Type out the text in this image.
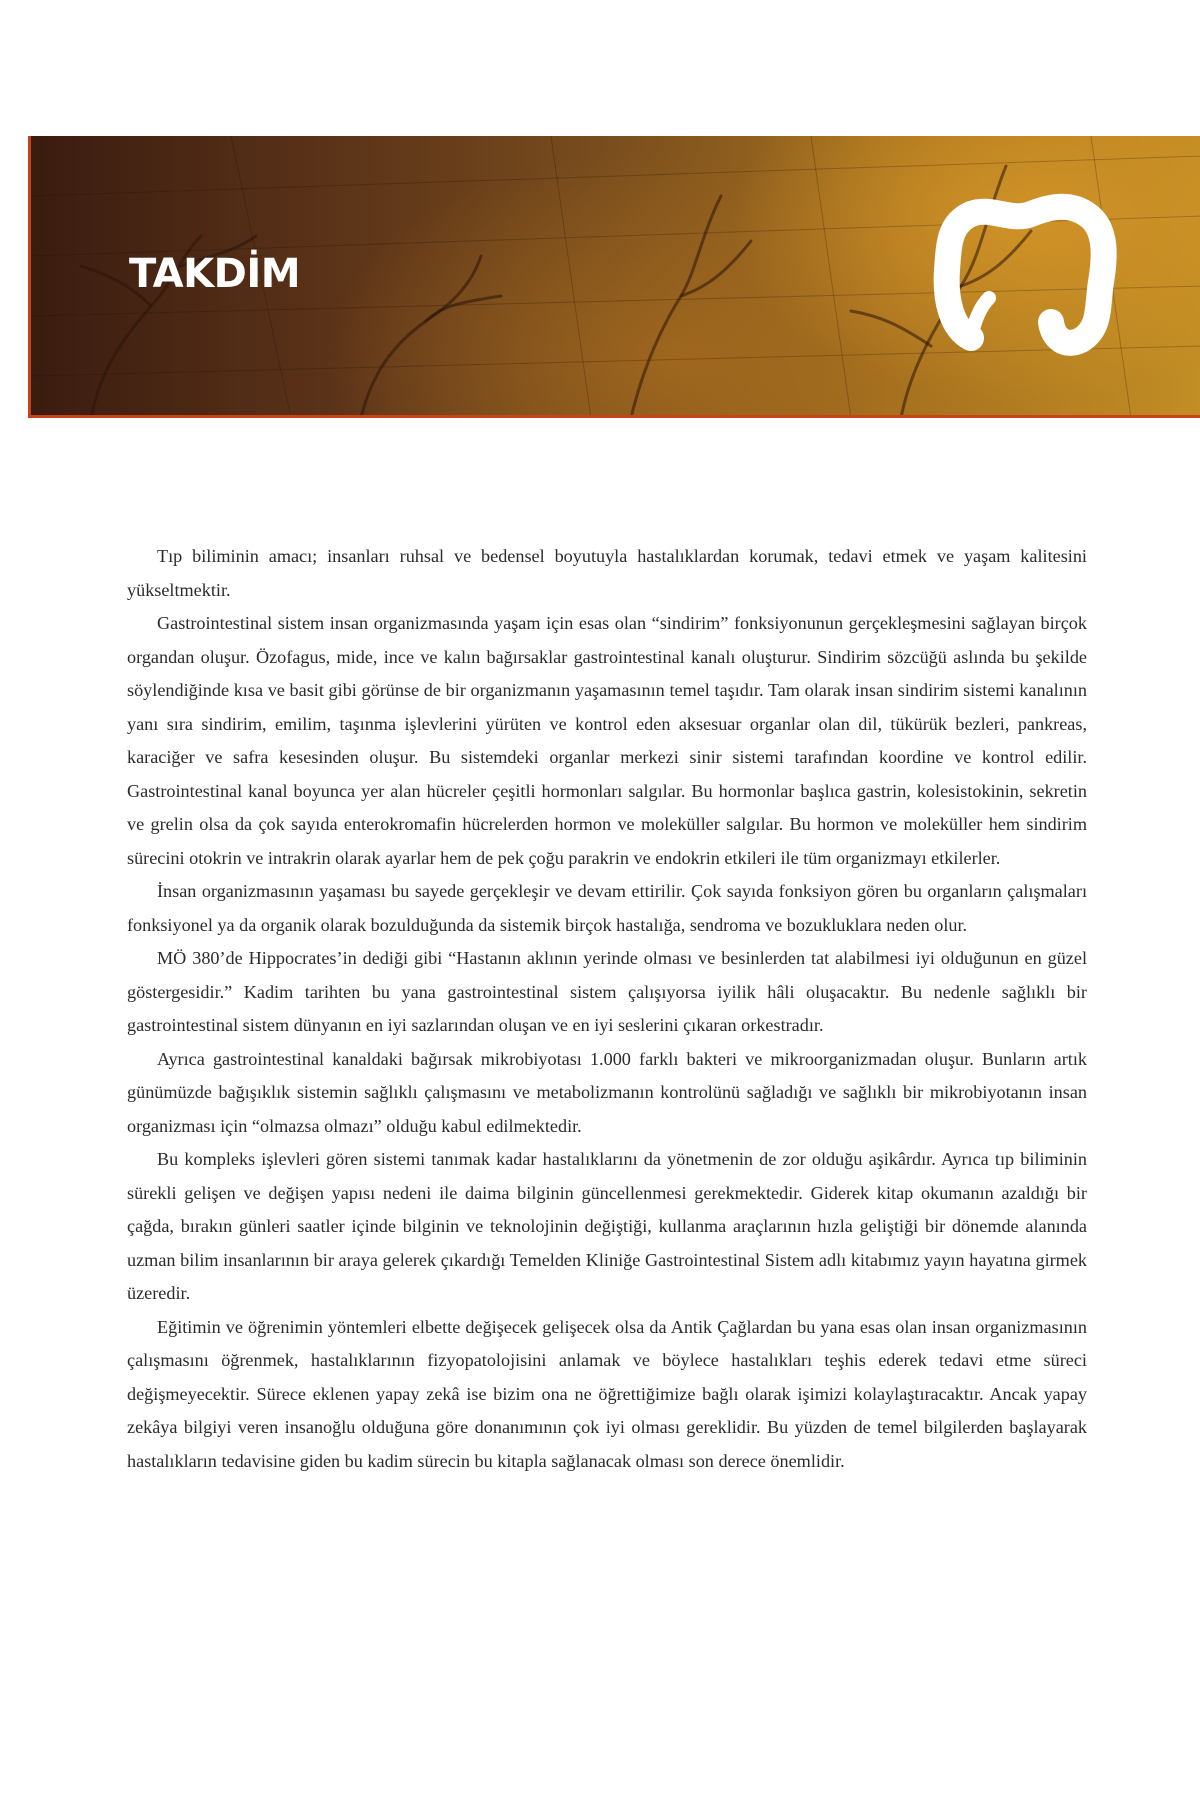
TAKDİM

Tıp biliminin amacı; insanları ruhsal ve bedensel boyutuyla hastalıklardan korumak, tedavi etmek ve yaşam kalitesini yükseltmektir.

Gastrointestinal sistem insan organizmasında yaşam için esas olan “sindirim” fonksiyonunun gerçekleşmesini sağlayan birçok organdan oluşur. Özofagus, mide, ince ve kalın bağırsaklar gastrointestinal kanalı oluşturur. Sindirim sözcüğü aslında bu şekilde söylendiğinde kısa ve basit gibi görünse de bir organizmanın yaşamasının temel taşıdır. Tam olarak insan sindirim sistemi kanalının yanı sıra sindirim, emilim, taşınma işlevlerini yürüten ve kontrol eden aksesuar organlar olan dil, tükürük bezleri, pankreas, karaciğer ve safra kesesinden oluşur. Bu sistemdeki organlar merkezi sinir sistemi tarafından koordine ve kontrol edilir. Gastrointestinal kanal boyunca yer alan hücreler çeşitli hormonları salgılar. Bu hormonlar başlıca gastrin, kolesistokinin, sekretin ve grelin olsa da çok sayıda enterokromafin hücrelerden hormon ve moleküller salgılar. Bu hormon ve moleküller hem sindirim sürecini otokrin ve intrakrin olarak ayarlar hem de pek çoğu parakrin ve endokrin etkileri ile tüm organizmayı etkilerler.

İnsan organizmasının yaşaması bu sayede gerçekleşir ve devam ettirilir. Çok sayıda fonksiyon gören bu organların çalışmaları fonksiyonel ya da organik olarak bozulduğunda da sistemik birçok hastalığa, sendroma ve bozukluklara neden olur.

MÖ 380’de Hippocrates’in dediği gibi “Hastanın aklının yerinde olması ve besinlerden tat alabilmesi iyi olduğunun en güzel göstergesidir.” Kadim tarihten bu yana gastrointestinal sistem çalışıyorsa iyilik hâli oluşacaktır. Bu nedenle sağlıklı bir gastrointestinal sistem dünyanın en iyi sazlarından oluşan ve en iyi seslerini çıkaran orkestradır.

Ayrıca gastrointestinal kanaldaki bağırsak mikrobiyotası 1.000 farklı bakteri ve mikroorganizmadan oluşur. Bunların artık günümüzde bağışıklık sistemin sağlıklı çalışmasını ve metabolizmanın kontrolünü sağladığı ve sağlıklı bir mikrobiyotanın insan organizması için “olmazsa olmazı” olduğu kabul edilmektedir.

Bu kompleks işlevleri gören sistemi tanımak kadar hastalıklarını da yönetmenin de zor olduğu aşikârdır. Ayrıca tıp biliminin sürekli gelişen ve değişen yapısı nedeni ile daima bilginin güncellenmesi gerekmektedir. Giderek kitap okumanın azaldığı bir çağda, bırakın günleri saatler içinde bilginin ve teknolojinin değiştiği, kullanma araçlarının hızla geliştiği bir dönemde alanında uzman bilim insanlarının bir araya gelerek çıkardığı Temelden Kliniğe Gastrointestinal Sistem adlı kitabımız yayın hayatına girmek üzeredir.

Eğitimin ve öğrenimin yöntemleri elbette değişecek gelişecek olsa da Antik Çağlardan bu yana esas olan insan organizmasının çalışmasını öğrenmek, hastalıklarının fizyopatolojisini anlamak ve böylece hastalıkları teşhis ederek tedavi etme süreci değişmeyecektir. Sürece eklenen yapay zekâ ise bizim ona ne öğrettiğimize bağlı olarak işimizi kolaylaştıracaktır. Ancak yapay zekâya bilgiyi veren insanoğlu olduğuna göre donanımının çok iyi olması gereklidir. Bu yüzden de temel bilgilerden başlayarak hastalıkların tedavisine giden bu kadim sürecin bu kitapla sağlanacak olması son derece önemlidir.
